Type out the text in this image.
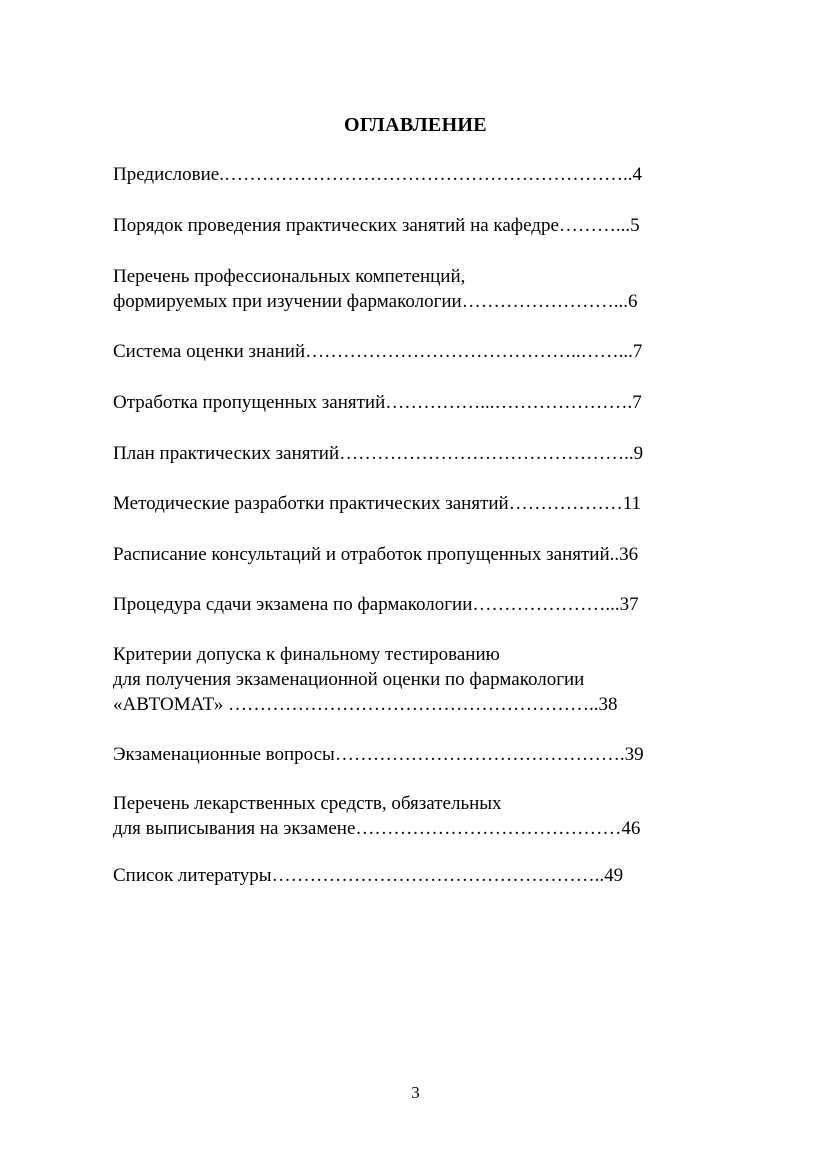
ОГЛАВЛЕНИЕ
Предисловие.………………………………………………………..4
Порядок проведения практических занятий на кафедре………...5
Перечень профессиональных компетенций,
формируемых при изучении фармакологии……………………...6
Система оценки знаний……………………………………..……...7
Отработка пропущенных занятий……………...………………….7
План практических занятий………………………………………..9
Методические разработки практических занятий………………11
Расписание консультаций и отработок пропущенных занятий..36
Процедура сдачи экзамена по фармакологии…………………...37
Критерии допуска к финальному тестированию
для получения экзаменационной оценки по фармакологии
«АВТОМАТ» …………………………………………………..38
Экзаменационные вопросы……………………………………….39
Перечень лекарственных средств, обязательных
для выписывания на экзамене……………………………………46
Список литературы……………………………………………..49
3
